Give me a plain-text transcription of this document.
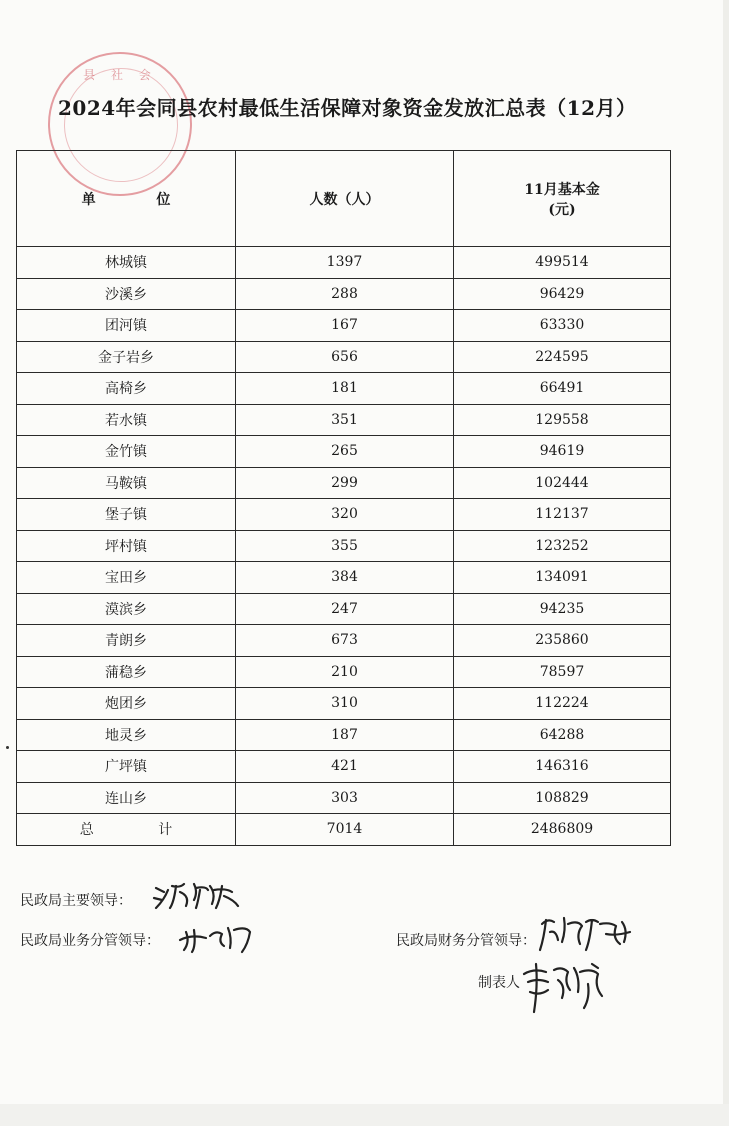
县 社 会
2024年会同县农村最低生活保障对象资金发放汇总表（12月）
单 位	人数（人）	11月基本金
(元)

林城镇	1397	499514
沙溪乡	288	96429
团河镇	167	63330
金子岩乡	656	224595
高椅乡	181	66491
若水镇	351	129558
金竹镇	265	94619
马鞍镇	299	102444
堡子镇	320	112137
坪村镇	355	123252
宝田乡	384	134091
漠滨乡	247	94235
青朗乡	673	235860
蒲稳乡	210	78597
炮团乡	310	112224
地灵乡	187	64288
广坪镇	421	146316
连山乡	303	108829
总 计	7014	2486809
民政局主要领导：
民政局业务分管领导：	民政局财务分管领导：
制表人
